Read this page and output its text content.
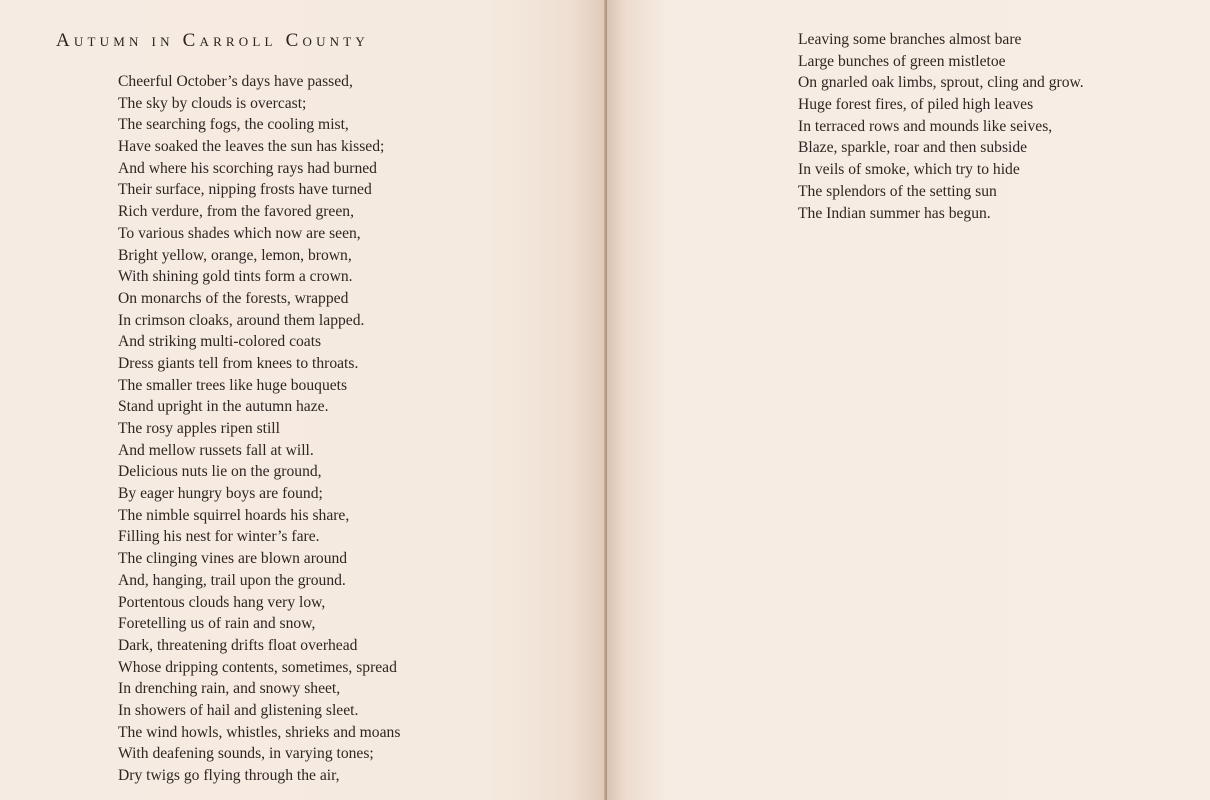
Autumn in Carroll County
Cheerful October’s days have passed,
The sky by clouds is overcast;
The searching fogs, the cooling mist,
Have soaked the leaves the sun has kissed;
And where his scorching rays had burned
Their surface, nipping frosts have turned
Rich verdure, from the favored green,
To various shades which now are seen,
Bright yellow, orange, lemon, brown,
With shining gold tints form a crown.
On monarchs of the forests, wrapped
In crimson cloaks, around them lapped.
And striking multi-colored coats
Dress giants tell from knees to throats.
The smaller trees like huge bouquets
Stand upright in the autumn haze.
The rosy apples ripen still
And mellow russets fall at will.
Delicious nuts lie on the ground,
By eager hungry boys are found;
The nimble squirrel hoards his share,
Filling his nest for winter’s fare.
The clinging vines are blown around
And, hanging, trail upon the ground.
Portentous clouds hang very low,
Foretelling us of rain and snow,
Dark, threatening drifts float overhead
Whose dripping contents, sometimes, spread
In drenching rain, and snowy sheet,
In showers of hail and glistening sleet.
The wind howls, whistles, shrieks and moans
With deafening sounds, in varying tones;
Dry twigs go flying through the air,
Leaving some branches almost bare
Large bunches of green mistletoe
On gnarled oak limbs, sprout, cling and grow.
Huge forest fires, of piled high leaves
In terraced rows and mounds like seives,
Blaze, sparkle, roar and then subside
In veils of smoke, which try to hide
The splendors of the setting sun
The Indian summer has begun.
